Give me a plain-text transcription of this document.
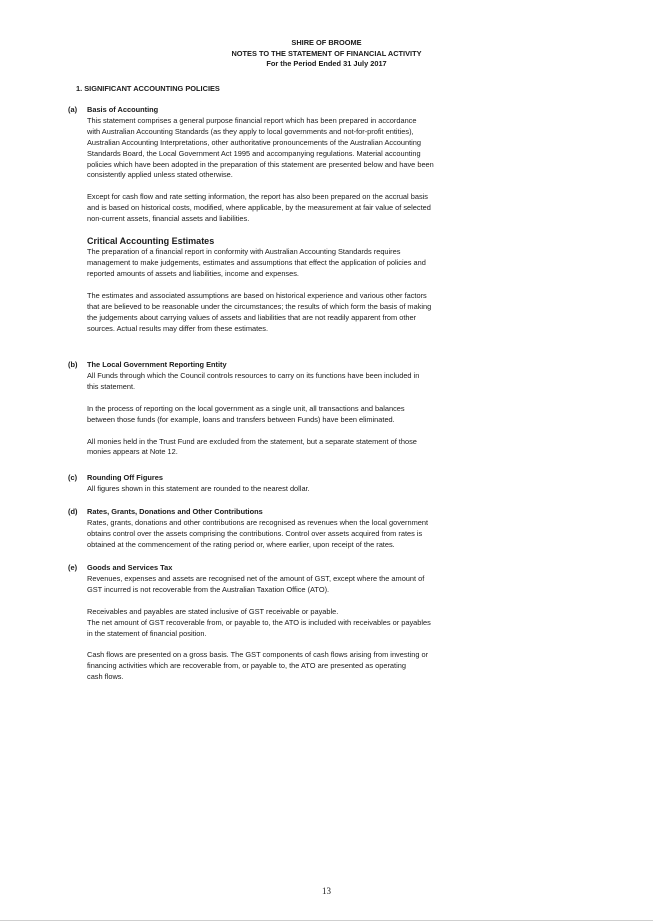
SHIRE OF BROOME
NOTES TO THE STATEMENT OF FINANCIAL ACTIVITY
For the Period Ended 31 July 2017
1. SIGNIFICANT ACCOUNTING POLICIES
(a) Basis of Accounting

This statement comprises a general purpose financial report which has been prepared in accordance
with Australian Accounting Standards (as they apply to local governments and not-for-profit entities),
Australian Accounting Interpretations, other authoritative pronouncements of the Australian Accounting
Standards Board, the Local Government Act 1995 and accompanying regulations. Material accounting
policies which have been adopted in the preparation of this statement are presented below and have been
consistently applied unless stated otherwise.

Except for cash flow and rate setting information, the report has also been prepared on the accrual basis
and is based on historical costs, modified, where applicable, by the measurement at fair value of selected
non-current assets, financial assets and liabilities.

Critical Accounting Estimates

The preparation of a financial report in conformity with Australian Accounting Standards requires
management to make judgements, estimates and assumptions that effect the application of policies and
reported amounts of assets and liabilities, income and expenses.

The estimates and associated assumptions are based on historical experience and various other factors
that are believed to be reasonable under the circumstances; the results of which form the basis of making
the judgements about carrying values of assets and liabilities that are not readily apparent from other
sources. Actual results may differ from these estimates.

(b) The Local Government Reporting Entity

All Funds through which the Council controls resources to carry on its functions have been included in
this statement.

In the process of reporting on the local government as a single unit, all transactions and balances
between those funds (for example, loans and transfers between Funds) have been eliminated.

All monies held in the Trust Fund are excluded from the statement, but a separate statement of those
monies appears at Note 12.

(c) Rounding Off Figures

All figures shown in this statement are rounded to the nearest dollar.

(d) Rates, Grants, Donations and Other Contributions

Rates, grants, donations and other contributions are recognised as revenues when the local government
obtains control over the assets comprising the contributions. Control over assets acquired from rates is
obtained at the commencement of the rating period or, where earlier, upon receipt of the rates.

(e) Goods and Services Tax

Revenues, expenses and assets are recognised net of the amount of GST, except where the amount of
GST incurred is not recoverable from the Australian Taxation Office (ATO).

Receivables and payables are stated inclusive of GST receivable or payable.
The net amount of GST recoverable from, or payable to, the ATO is included with receivables or payables
in the statement of financial position.

Cash flows are presented on a gross basis. The GST components of cash flows arising from investing or
financing activities which are recoverable from, or payable to, the ATO are presented as operating
cash flows.

13
